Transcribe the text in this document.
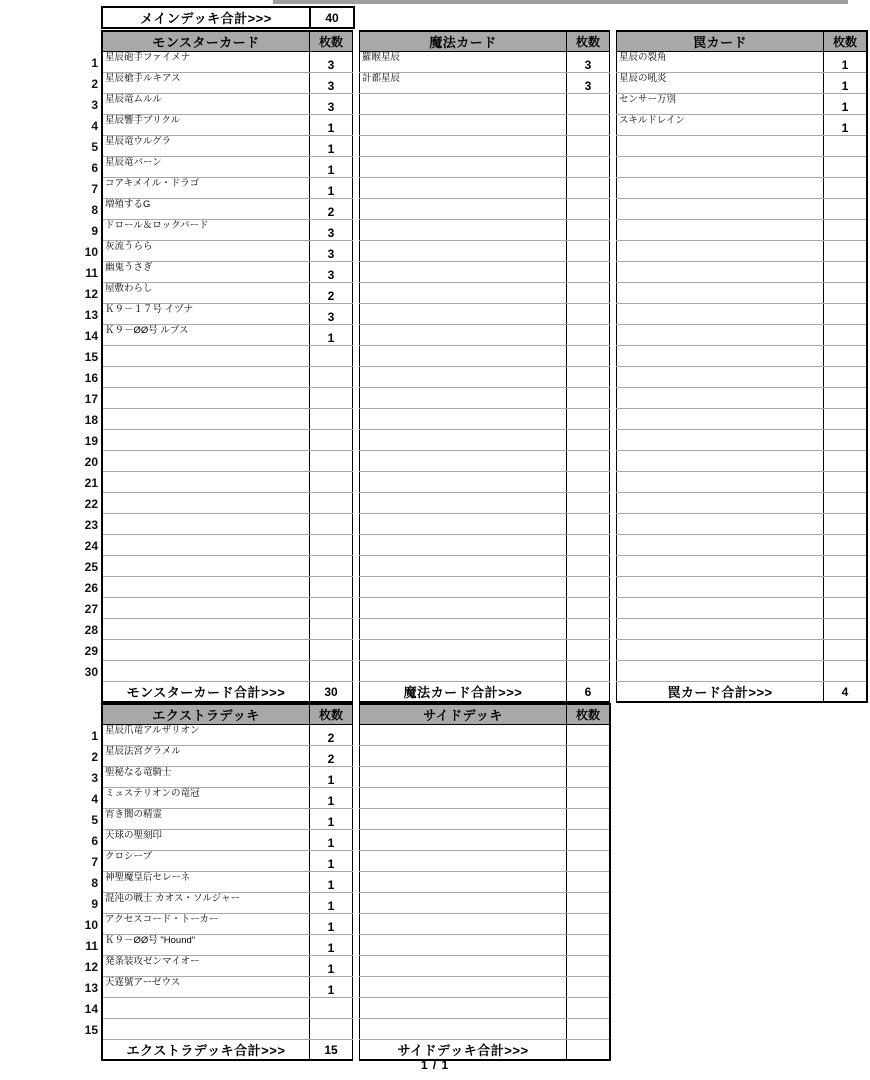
メインデッキ合計>>>	40
	モンスターカード	枚数		魔法カード	枚数		罠カード	枚数
1	星辰砲手ファイメナ	3		羅睺星辰	3		星辰の裂角	1
2	星辰槍手ルキアス	3		計都星辰	3		星辰の吼炎	1
3	星辰竜ムルル	3					センサー万別	1
4	星辰響手ブリクル	1					スキルドレイン	1
5	星辰竜ウルグラ	1						
6	星辰竜バーン	1						
7	コアキメイル・ドラゴ	1						
8	増殖するG	2						
9	ドロール＆ロックバード	3						
10	灰流うらら	3						
11	幽鬼うさぎ	3						
12	屋敷わらし	2						
13	Ｋ９－１７号 イヅナ	3						
14	Ｋ９－ØØ号 ルプス	1						
15								
16								
17								
18								
19								
20								
21								
22								
23								
24								
25								
26								
27								
28								
29								
30								
	モンスターカード合計>>>	30		魔法カード合計>>>	6		罠カード合計>>>	4
	エクストラデッキ	枚数		サイドデッキ	枚数
1	星辰爪竜アルザリオン	2			
2	星辰法宮グラメル	2			
3	聖秘なる竜騎士	1			
4	ミュステリオンの竜冠	1			
5	宵き闇の精霊	1			
6	天球の聖刻印	1			
7	クロシープ	1			
8	神聖魔皇后セレーネ	1			
9	混沌の戦士 カオス・ソルジャー	1			
10	アクセスコード・トーカー	1			
11	Ｋ９－ØØ号 "Hound"	1			
12	発条装攻ゼンマイオー	1			
13	天霆號アーゼウス	1			
14					
15					
	エクストラデッキ合計>>>	15		サイドデッキ合計>>>	
1 / 1
